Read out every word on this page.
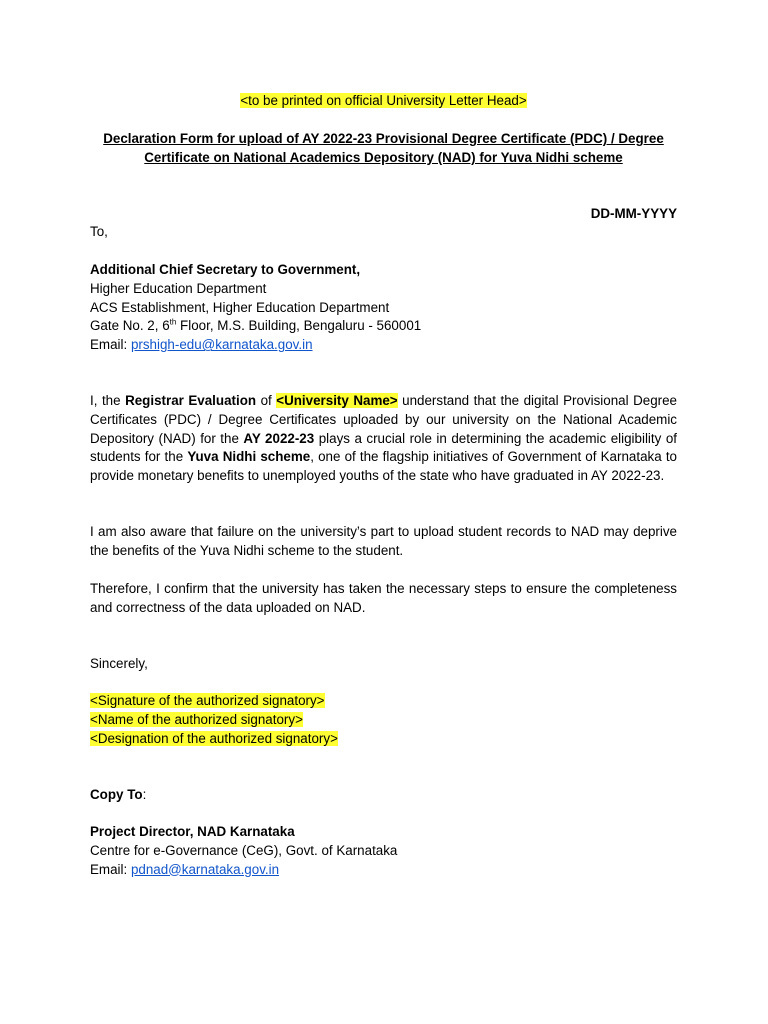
<to be printed on official University Letter Head>
Declaration Form for upload of AY 2022-23 Provisional Degree Certificate (PDC) / Degree
Certificate on National Academics Depository (NAD) for Yuva Nidhi scheme
DD-MM-YYYY
To,
Additional Chief Secretary to Government,
Higher Education Department
ACS Establishment, Higher Education Department
Gate No. 2, 6th Floor, M.S. Building, Bengaluru - 560001
Email: prshigh-edu@karnataka.gov.in

I, the Registrar Evaluation of <University Name> understand that the digital Provisional Degree Certificates (PDC) / Degree Certificates uploaded by our university on the National Academic Depository (NAD) for the AY 2022-23 plays a crucial role in determining the academic eligibility of students for the Yuva Nidhi scheme, one of the flagship initiatives of Government of Karnataka to provide monetary benefits to unemployed youths of the state who have graduated in AY 2022-23.

I am also aware that failure on the university’s part to upload student records to NAD may deprive the benefits of the Yuva Nidhi scheme to the student.

Therefore, I confirm that the university has taken the necessary steps to ensure the completeness and correctness of the data uploaded on NAD.

Sincerely,
<Signature of the authorized signatory>
<Name of the authorized signatory>
<Designation of the authorized signatory>
Copy To:
Project Director, NAD Karnataka
Centre for e-Governance (CeG), Govt. of Karnataka
Email: pdnad@karnataka.gov.in
